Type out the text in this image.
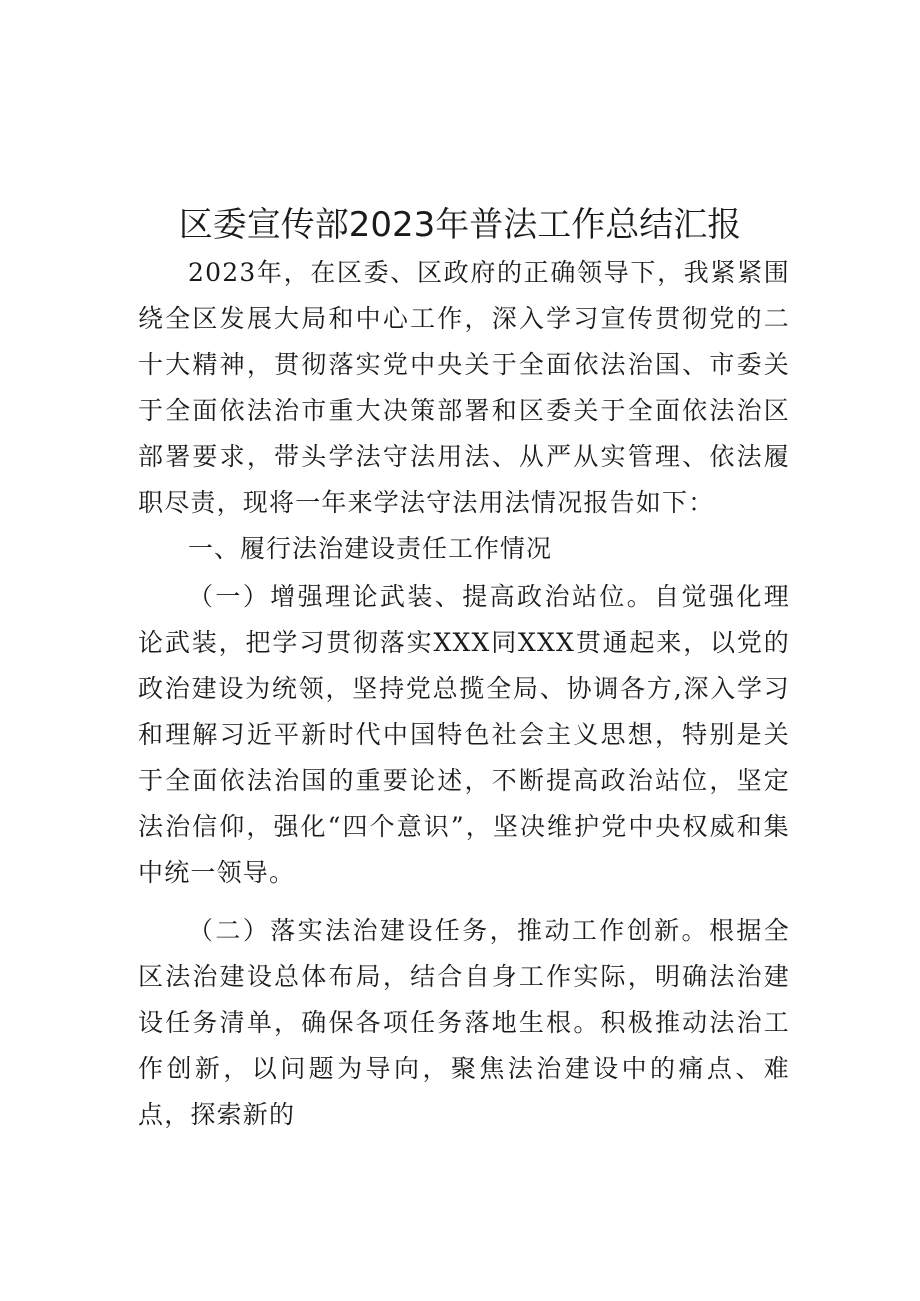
区委宣传部2023年普法工作总结汇报

2023年，在区委、区政府的正确领导下，我紧紧围绕全区发展大局和中心工作，深入学习宣传贯彻党的二十大精神，贯彻落实党中央关于全面依法治国、市委关于全面依法治市重大决策部署和区委关于全面依法治区部署要求，带头学法守法用法、从严从实管理、依法履职尽责，现将一年来学法守法用法情况报告如下：

一、履行法治建设责任工作情况

（一）增强理论武装、提高政治站位。自觉强化理论武装，把学习贯彻落实XXX同XXX贯通起来，以党的政治建设为统领，坚持党总揽全局、协调各方,深入学习和理解习近平新时代中国特色社会主义思想，特别是关于全面依法治国的重要论述，不断提高政治站位，坚定法治信仰，强化“四个意识”，坚决维护党中央权威和集中统一领导。

（二）落实法治建设任务，推动工作创新。根据全区法治建设总体布局，结合自身工作实际，明确法治建设任务清单，确保各项任务落地生根。积极推动法治工作创新，以问题为导向，聚焦法治建设中的痛点、难点，探索新的
